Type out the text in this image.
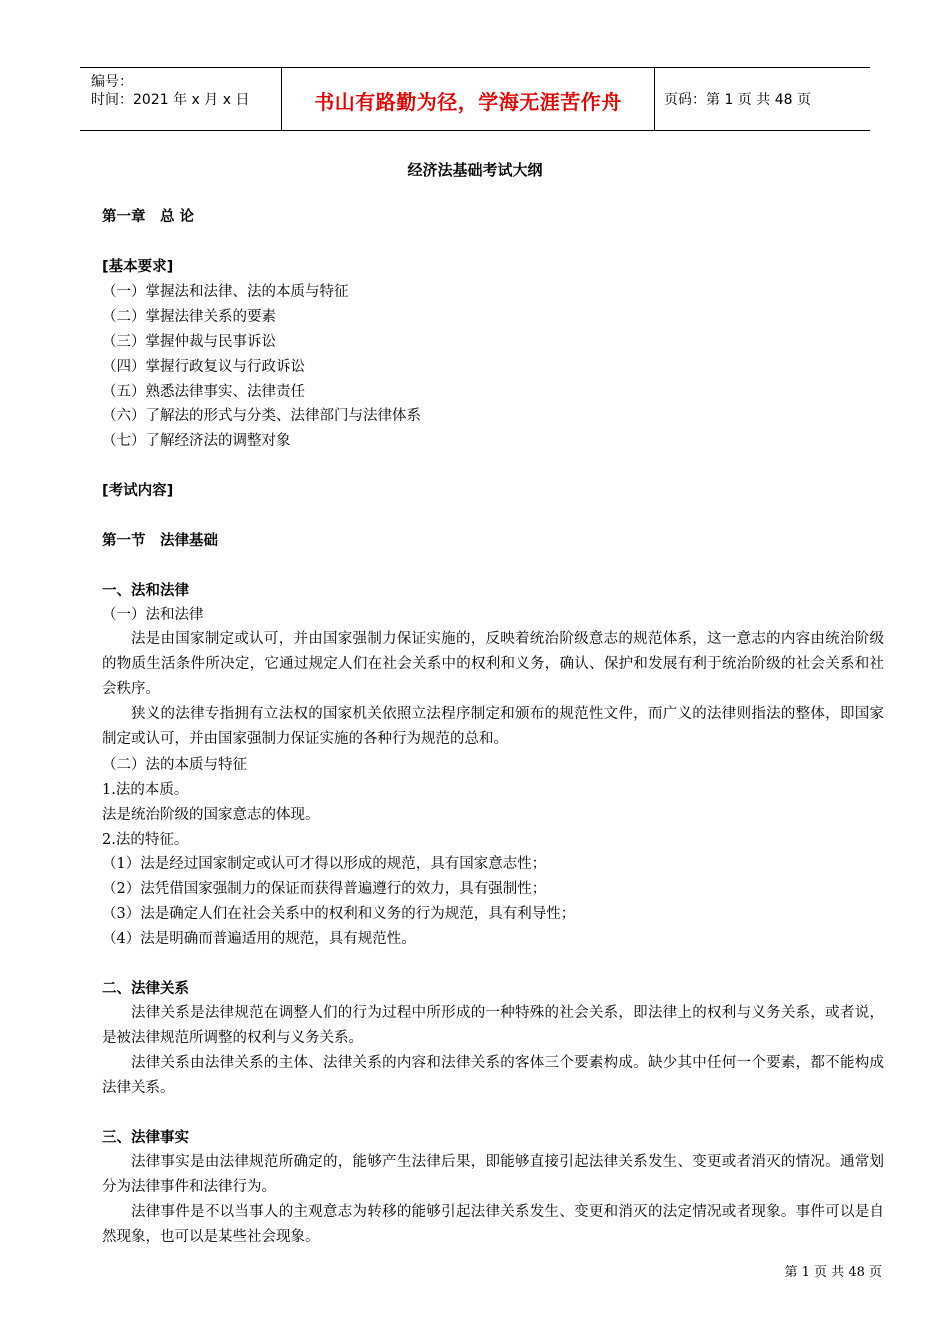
编号：
时间：2021 年 x 月 x 日	书山有路勤为径，学海无涯苦作舟	页码：第 1 页 共 48 页
经济法基础考试大纲
第一章　总 论
[基本要求]
（一）掌握法和法律、法的本质与特征
（二）掌握法律关系的要素
（三）掌握仲裁与民事诉讼
（四）掌握行政复议与行政诉讼
（五）熟悉法律事实、法律责任
（六）了解法的形式与分类、法律部门与法律体系
（七）了解经济法的调整对象
[考试内容]
第一节　法律基础
一、法和法律
（一）法和法律
法是由国家制定或认可，并由国家强制力保证实施的，反映着统治阶级意志的规范体系，这一意志的内容由统治阶级的物质生活条件所决定，它通过规定人们在社会关系中的权利和义务，确认、保护和发展有利于统治阶级的社会关系和社会秩序。
狭义的法律专指拥有立法权的国家机关依照立法程序制定和颁布的规范性文件，而广义的法律则指法的整体，即国家制定或认可，并由国家强制力保证实施的各种行为规范的总和。
（二）法的本质与特征
1.法的本质。
法是统治阶级的国家意志的体现。
2.法的特征。
（1）法是经过国家制定或认可才得以形成的规范，具有国家意志性；
（2）法凭借国家强制力的保证而获得普遍遵行的效力，具有强制性；
（3）法是确定人们在社会关系中的权利和义务的行为规范，具有利导性；
（4）法是明确而普遍适用的规范，具有规范性。
二、法律关系
法律关系是法律规范在调整人们的行为过程中所形成的一种特殊的社会关系，即法律上的权利与义务关系，或者说，是被法律规范所调整的权利与义务关系。
法律关系由法律关系的主体、法律关系的内容和法律关系的客体三个要素构成。缺少其中任何一个要素，都不能构成法律关系。
三、法律事实
法律事实是由法律规范所确定的，能够产生法律后果，即能够直接引起法律关系发生、变更或者消灭的情况。通常划分为法律事件和法律行为。
法律事件是不以当事人的主观意志为转移的能够引起法律关系发生、变更和消灭的法定情况或者现象。事件可以是自然现象，也可以是某些社会现象。
第 1 页 共 48 页
